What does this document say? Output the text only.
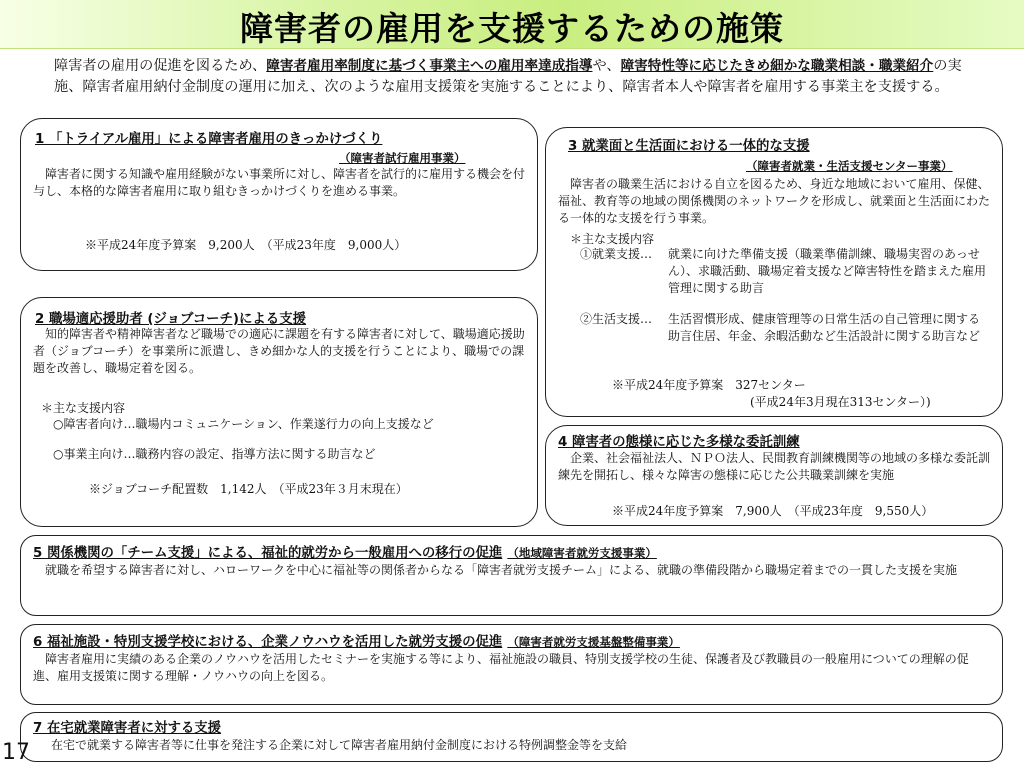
障害者の雇用を支援するための施策
障害者の雇用の促進を図るため、障害者雇用率制度に基づく事業主への雇用率達成指導や、障害特性等に応じたきめ細かな職業相談・職業紹介の実施、障害者雇用納付金制度の運用に加え、次のような雇用支援策を実施することにより、障害者本人や障害者を雇用する事業主を支援する。
1 「トライアル雇用」による障害者雇用のきっかけづくり
（障害者試行雇用事業）
障害者に関する知識や雇用経験がない事業所に対し、障害者を試行的に雇用する機会を付与し、本格的な障害者雇用に取り組むきっかけづくりを進める事業。
※平成24年度予算案　9,200人　（平成23年度　9,000人）
2 職場適応援助者 (ジョブコーチ)による支援
知的障害者や精神障害者など職場での適応に課題を有する障害者に対して、職場適応援助者（ジョブコーチ）を事業所に派遣し、きめ細かな人的支援を行うことにより、職場での課題を改善し、職場定着を図る。
＊主な支援内容
○障害者向け…職場内コミュニケーション、作業遂行力の向上支援など
○事業主向け…職務内容の設定、指導方法に関する助言など
※ジョブコーチ配置数　1,142人　（平成23年３月末現在）
3 就業面と生活面における一体的な支援
（障害者就業・生活支援センター事業）
障害者の職業生活における自立を図るため、身近な地域において雇用、保健、福祉、教育等の地域の関係機関のネットワークを形成し、就業面と生活面にわたる一体的な支援を行う事業。
＊主な支援内容
①就業支援… 就業に向けた準備支援（職業準備訓練、職場実習のあっせん）、求職活動、職場定着支援など障害特性を踏まえた雇用管理に関する助言
②生活支援… 生活習慣形成、健康管理等の日常生活の自己管理に関する助言住居、年金、余暇活動など生活設計に関する助言など
※平成24年度予算案　327センター
(平成24年3月現在313センター）)
4 障害者の態様に応じた多様な委託訓練
企業、社会福祉法人、ＮＰＯ法人、民間教育訓練機関等の地域の多様な委託訓練先を開拓し、様々な障害の態様に応じた公共職業訓練を実施
※平成24年度予算案　7,900人　（平成23年度　9,550人）
5 関係機関の「チーム支援」による、福祉的就労から一般雇用への移行の促進 （地域障害者就労支援事業）
就職を希望する障害者に対し、ハローワークを中心に福祉等の関係者からなる「障害者就労支援チーム」による、就職の準備段階から職場定着までの一貫した支援を実施
6 福祉施設・特別支援学校における、企業ノウハウを活用した就労支援の促進 （障害者就労支援基盤整備事業）
障害者雇用に実績のある企業のノウハウを活用したセミナーを実施する等により、福祉施設の職員、特別支援学校の生徒、保護者及び教職員の一般雇用についての理解の促進、雇用支援策に関する理解・ノウハウの向上を図る。
7 在宅就業障害者に対する支援
在宅で就業する障害者等に仕事を発注する企業に対して障害者雇用納付金制度における特例調整金等を支給
17
